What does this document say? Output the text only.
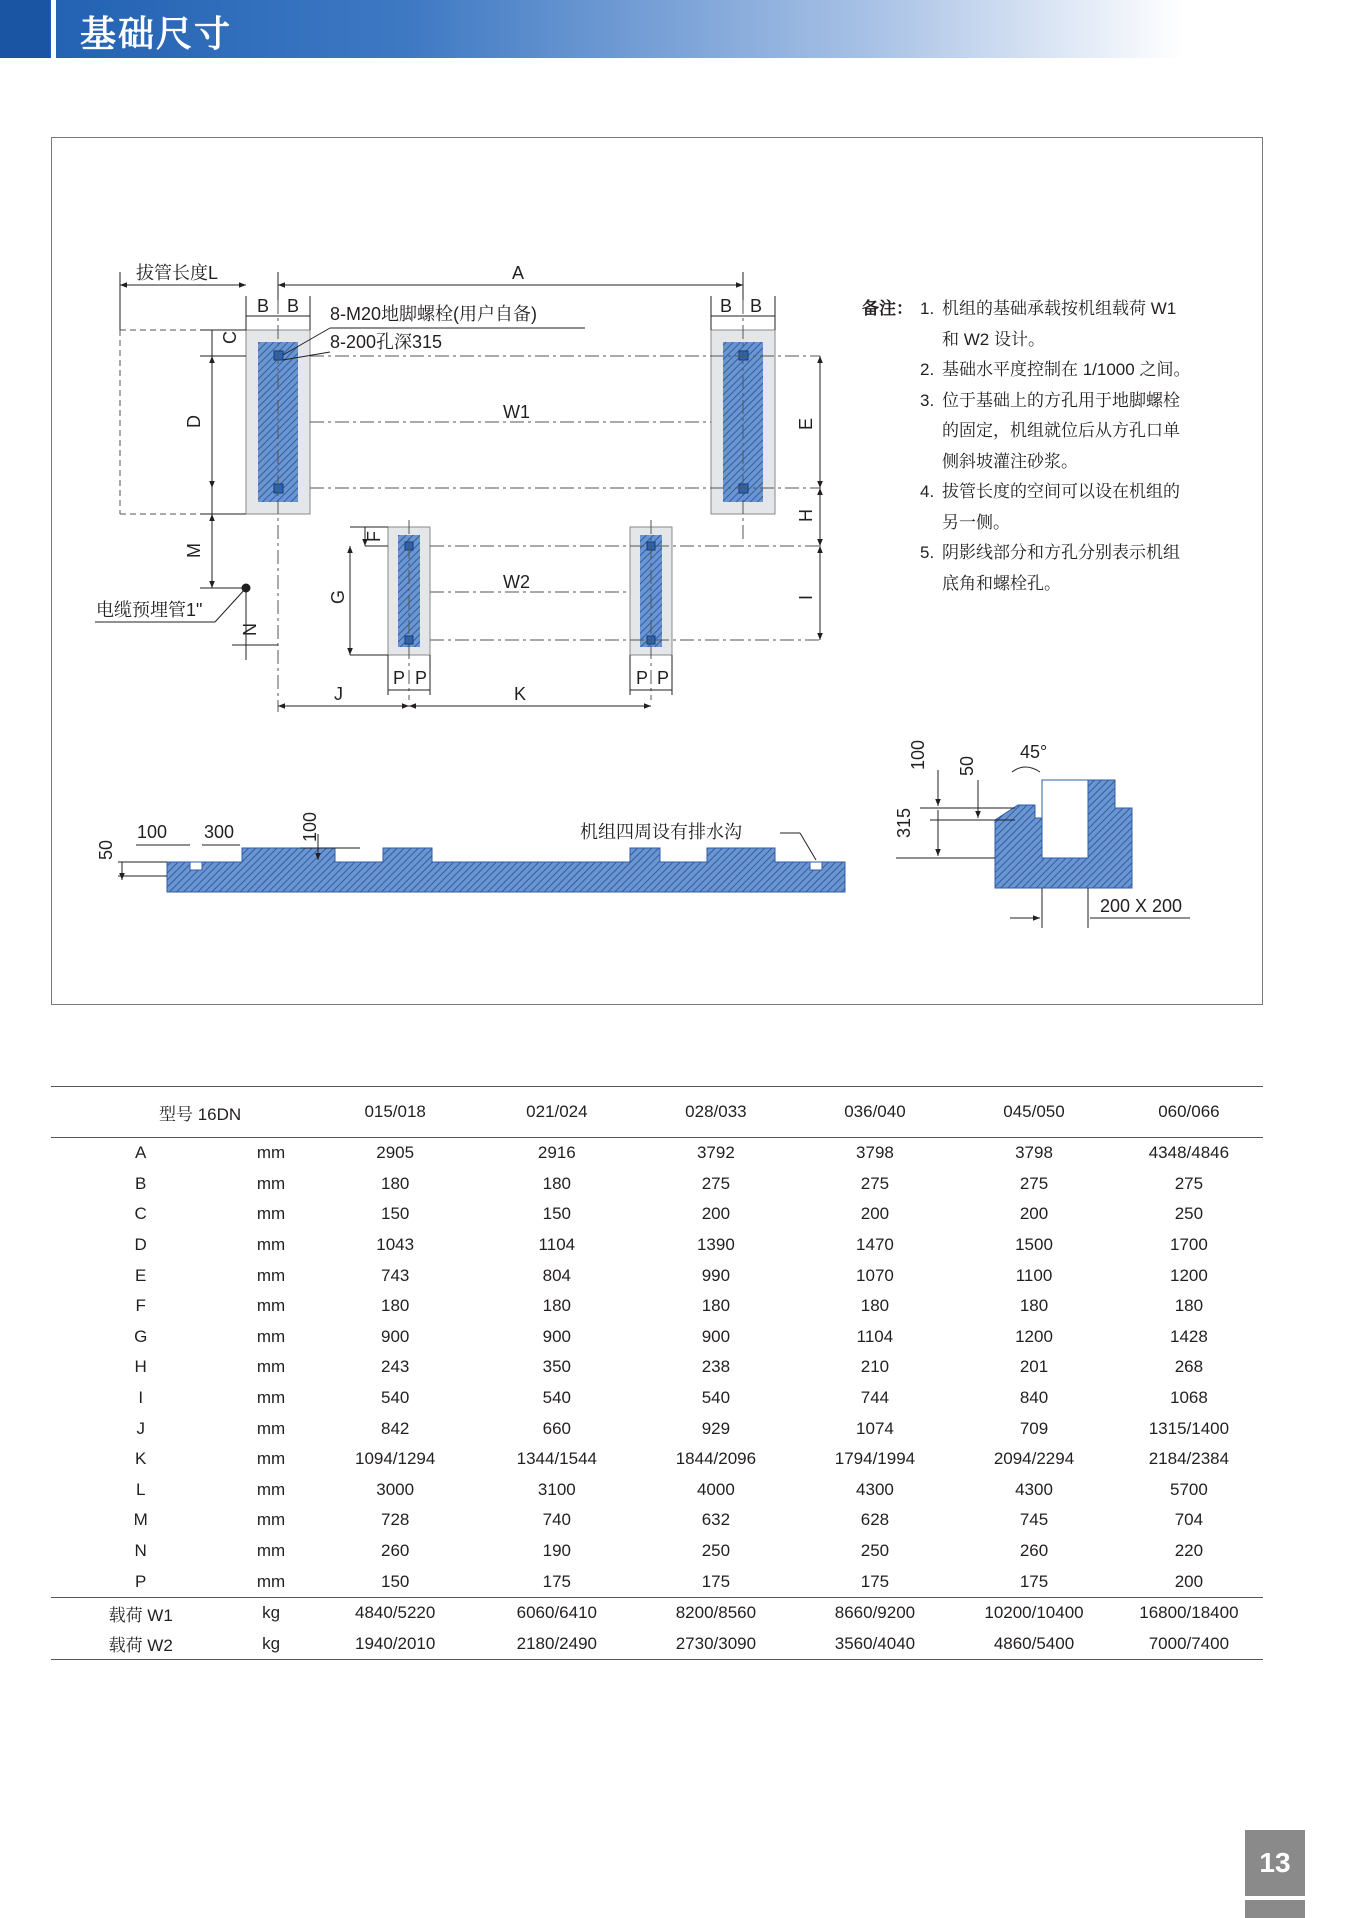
基础尺寸
拔管长度L	A
B B	B B
8-M20地脚螺栓(用户自备)
8-200孔深315
W1
W2
C
D
M
E
H
I
F
G
J	K
P P	P P
N
电缆预埋管1"
50
100 300	100	机组四周设有排水沟
100 50
45°
315
200 X 200
备注： 1. 机组的基础承载按机组载荷 W1
和 W2 设计。
2. 基础水平度控制在 1/1000 之间。
3. 位于基础上的方孔用于地脚螺栓
的固定，机组就位后从方孔口单
侧斜坡灌注砂浆。
4. 拔管长度的空间可以设在机组的
另一侧。
5. 阴影线部分和方孔分别表示机组
底角和螺栓孔。
型号 16DN		015/018	021/024	028/033	036/040	045/050	060/066
A	mm	2905	2916	3792	3798	3798	4348/4846
B	mm	180	180	275	275	275	275
C	mm	150	150	200	200	200	250
D	mm	1043	1104	1390	1470	1500	1700
E	mm	743	804	990	1070	1100	1200
F	mm	180	180	180	180	180	180
G	mm	900	900	900	1104	1200	1428
H	mm	243	350	238	210	201	268
I	mm	540	540	540	744	840	1068
J	mm	842	660	929	1074	709	1315/1400
K	mm	1094/1294	1344/1544	1844/2096	1794/1994	2094/2294	2184/2384
L	mm	3000	3100	4000	4300	4300	5700
M	mm	728	740	632	628	745	704
N	mm	260	190	250	250	260	220
P	mm	150	175	175	175	175	200
载荷 W1	kg	4840/5220	6060/6410	8200/8560	8660/9200	10200/10400	16800/18400
载荷 W2	kg	1940/2010	2180/2490	2730/3090	3560/4040	4860/5400	7000/7400
13
